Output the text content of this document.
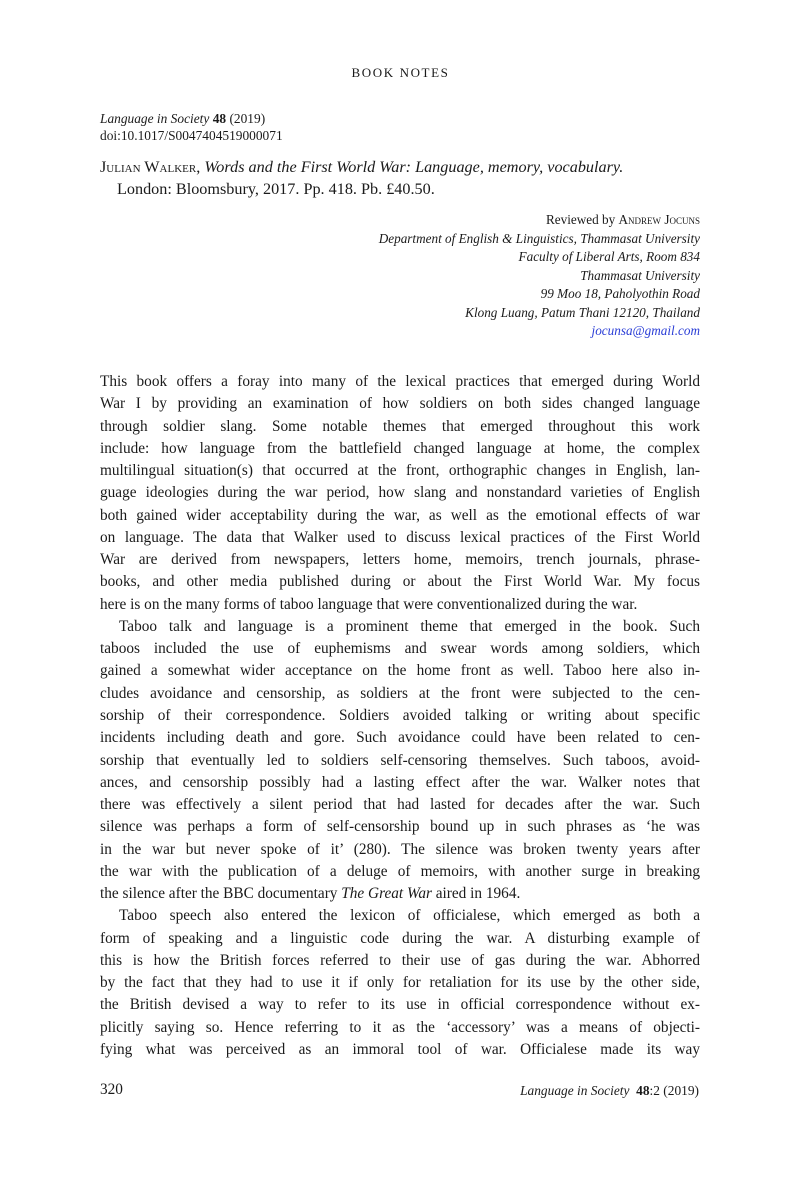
BOOK NOTES
Language in Society 48 (2019)
doi:10.1017/S0047404519000071
Julian Walker, Words and the First World War: Language, memory, vocabulary.
London: Bloomsbury, 2017. Pp. 418. Pb. £40.50.
Reviewed by Andrew Jocuns
Department of English & Linguistics, Thammasat University
Faculty of Liberal Arts, Room 834
Thammasat University
99 Moo 18, Paholyothin Road
Klong Luang, Patum Thani 12120, Thailand
jocunsa@gmail.com
This book offers a foray into many of the lexical practices that emerged during World
War I by providing an examination of how soldiers on both sides changed language
through soldier slang. Some notable themes that emerged throughout this work
include: how language from the battlefield changed language at home, the complex
multilingual situation(s) that occurred at the front, orthographic changes in English, lan-
guage ideologies during the war period, how slang and nonstandard varieties of English
both gained wider acceptability during the war, as well as the emotional effects of war
on language. The data that Walker used to discuss lexical practices of the First World
War are derived from newspapers, letters home, memoirs, trench journals, phrase-
books, and other media published during or about the First World War. My focus
here is on the many forms of taboo language that were conventionalized during the war.
Taboo talk and language is a prominent theme that emerged in the book. Such
taboos included the use of euphemisms and swear words among soldiers, which
gained a somewhat wider acceptance on the home front as well. Taboo here also in-
cludes avoidance and censorship, as soldiers at the front were subjected to the cen-
sorship of their correspondence. Soldiers avoided talking or writing about specific
incidents including death and gore. Such avoidance could have been related to cen-
sorship that eventually led to soldiers self-censoring themselves. Such taboos, avoid-
ances, and censorship possibly had a lasting effect after the war. Walker notes that
there was effectively a silent period that had lasted for decades after the war. Such
silence was perhaps a form of self-censorship bound up in such phrases as ‘he was
in the war but never spoke of it’ (280). The silence was broken twenty years after
the war with the publication of a deluge of memoirs, with another surge in breaking
the silence after the BBC documentary The Great War aired in 1964.
Taboo speech also entered the lexicon of officialese, which emerged as both a
form of speaking and a linguistic code during the war. A disturbing example of
this is how the British forces referred to their use of gas during the war. Abhorred
by the fact that they had to use it if only for retaliation for its use by the other side,
the British devised a way to refer to its use in official correspondence without ex-
plicitly saying so. Hence referring to it as the ‘accessory’ was a means of objecti-
fying what was perceived as an immoral tool of war. Officialese made its way
320	Language in Society 48:2 (2019)
